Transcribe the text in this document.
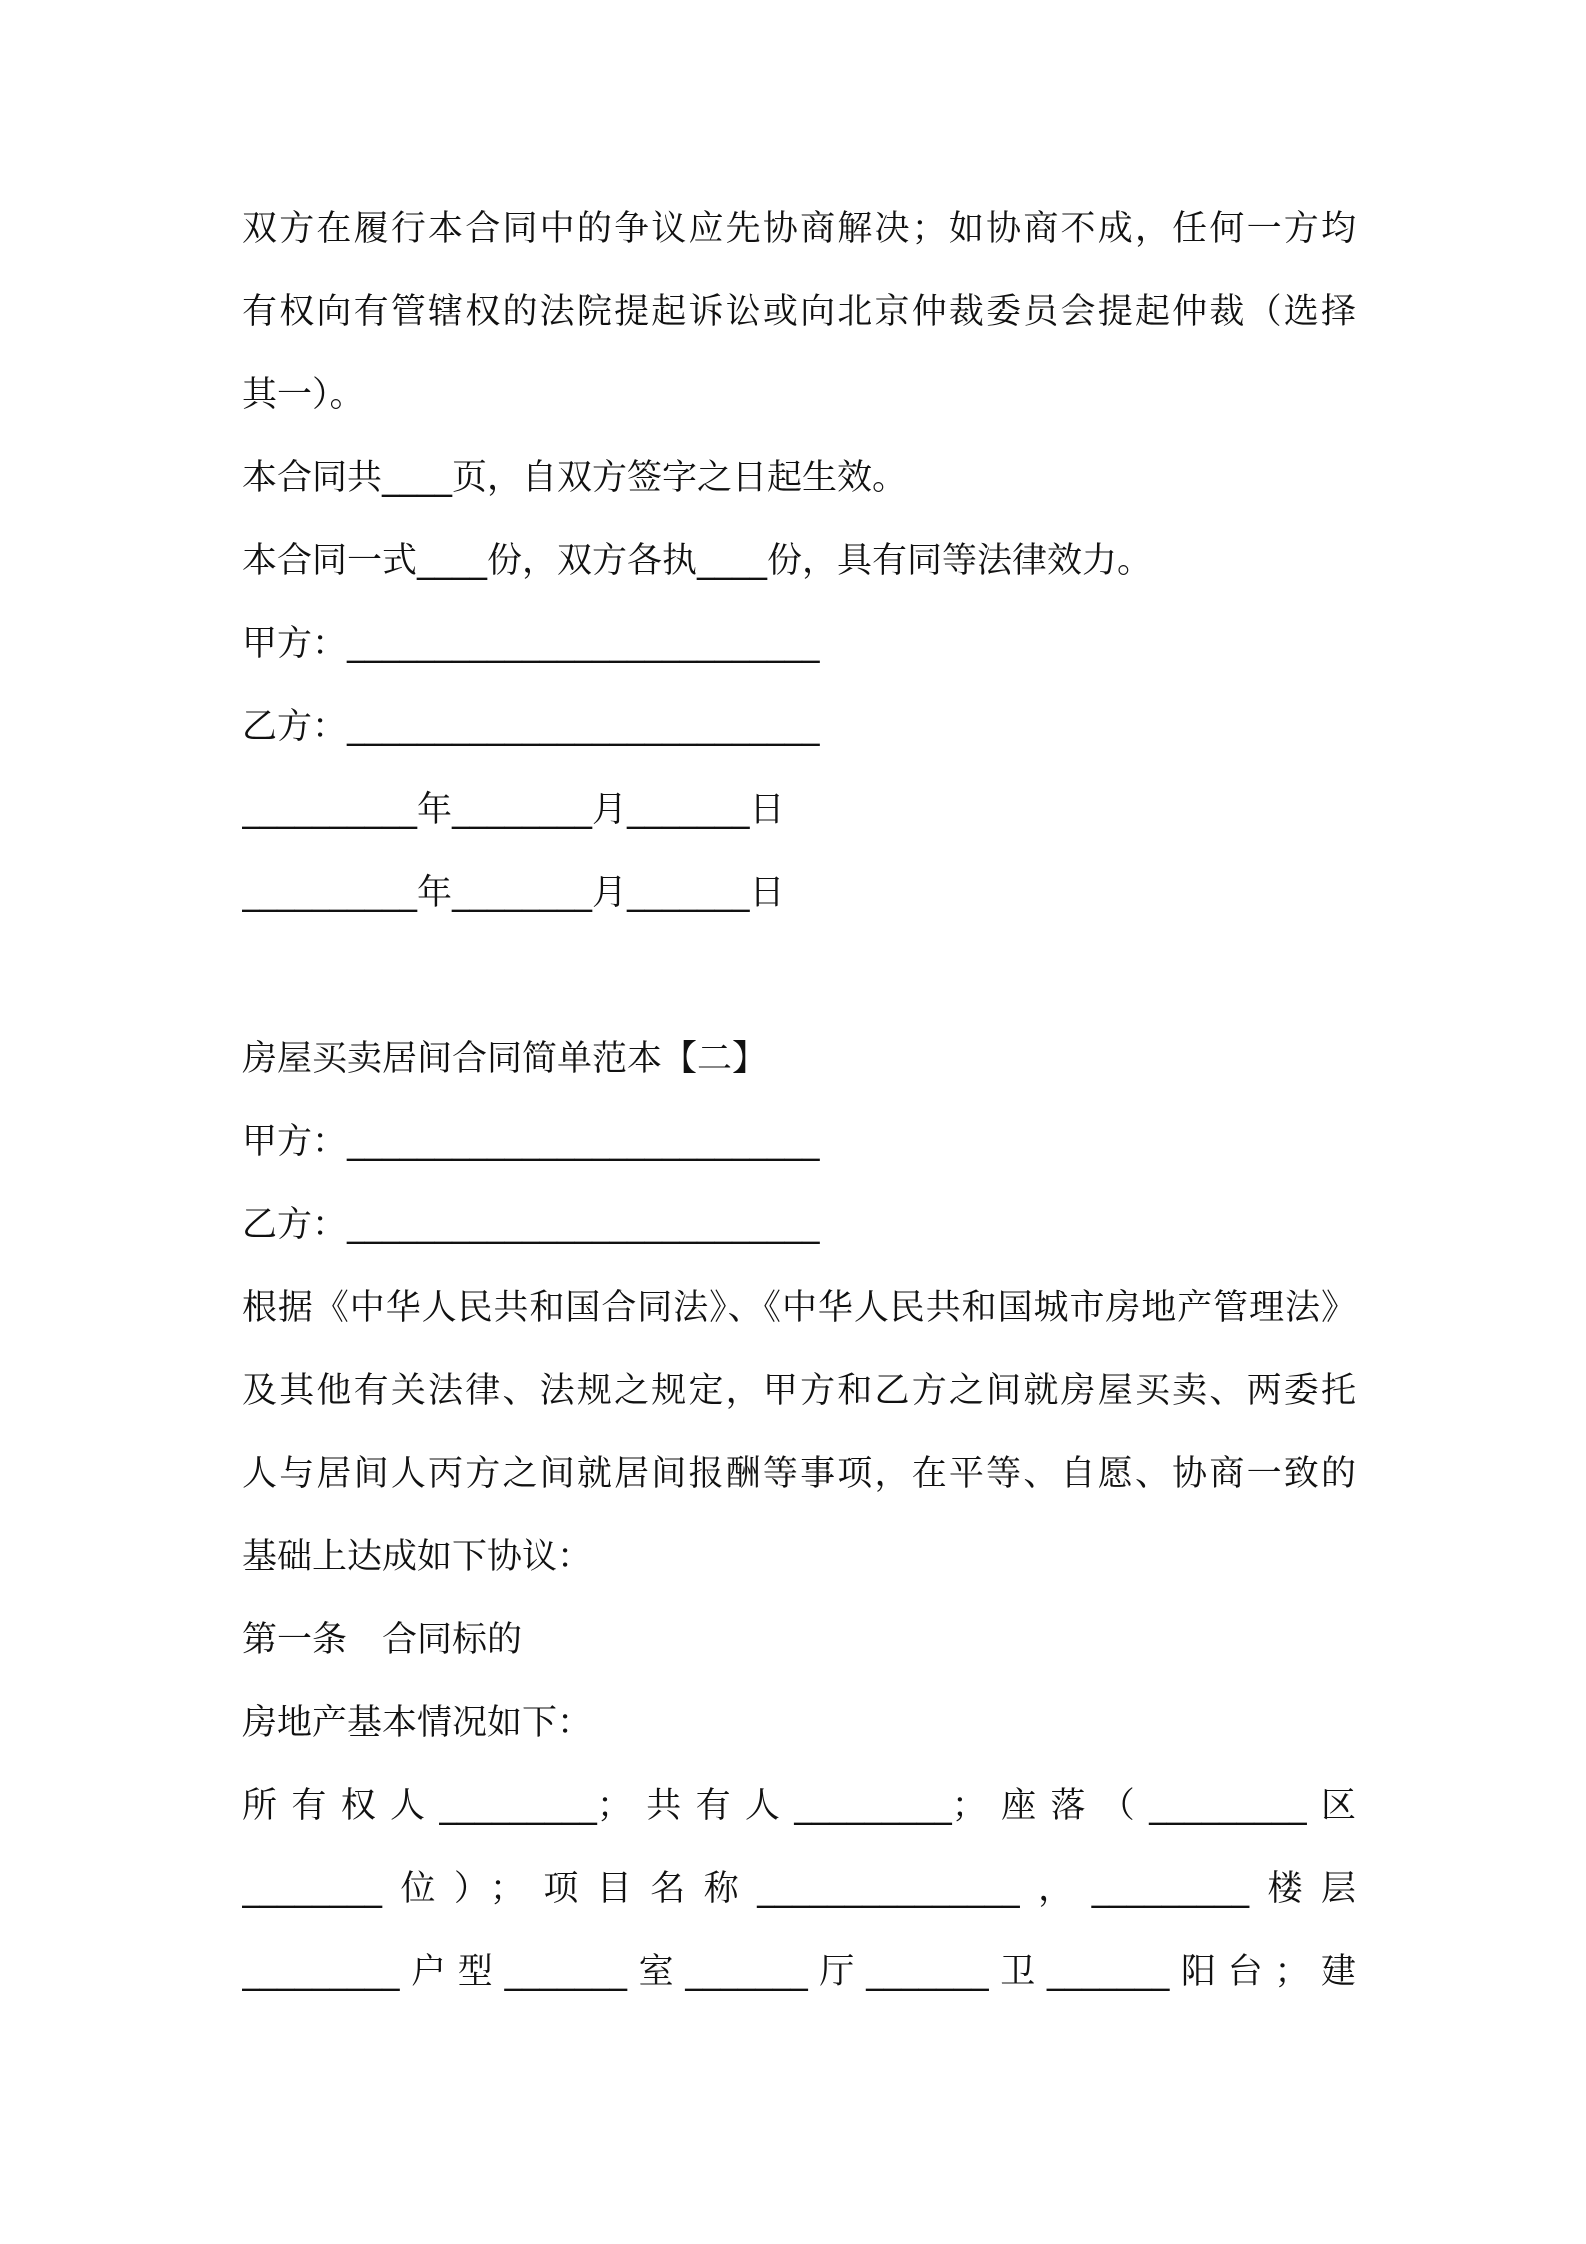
双方在履行本合同中的争议应先协商解决；如协商不成，任何一方均
有权向有管辖权的法院提起诉讼或向北京仲裁委员会提起仲裁（选择
其一）。
本合同共____页，自双方签字之日起生效。
本合同一式____份，双方各执____份，具有同等法律效力。
甲方：___________________________
乙方：___________________________
__________年________月_______日
__________年________月_______日
房屋买卖居间合同简单范本【二】
甲方：___________________________
乙方：___________________________
根据《中华人民共和国合同法》、《中华人民共和国城市房地产管理法》
及其他有关法律、法规之规定，甲方和乙方之间就房屋买卖、两委托
人与居间人丙方之间就居间报酬等事项，在平等、自愿、协商一致的
基础上达成如下协议：
第一条　合同标的
房地产基本情况如下：
所有权人_________；共有人_________；座落（_________区
________位）；项目名称_______________，_________楼层
_________户型_______室_______厅_______卫_______阳台；建
